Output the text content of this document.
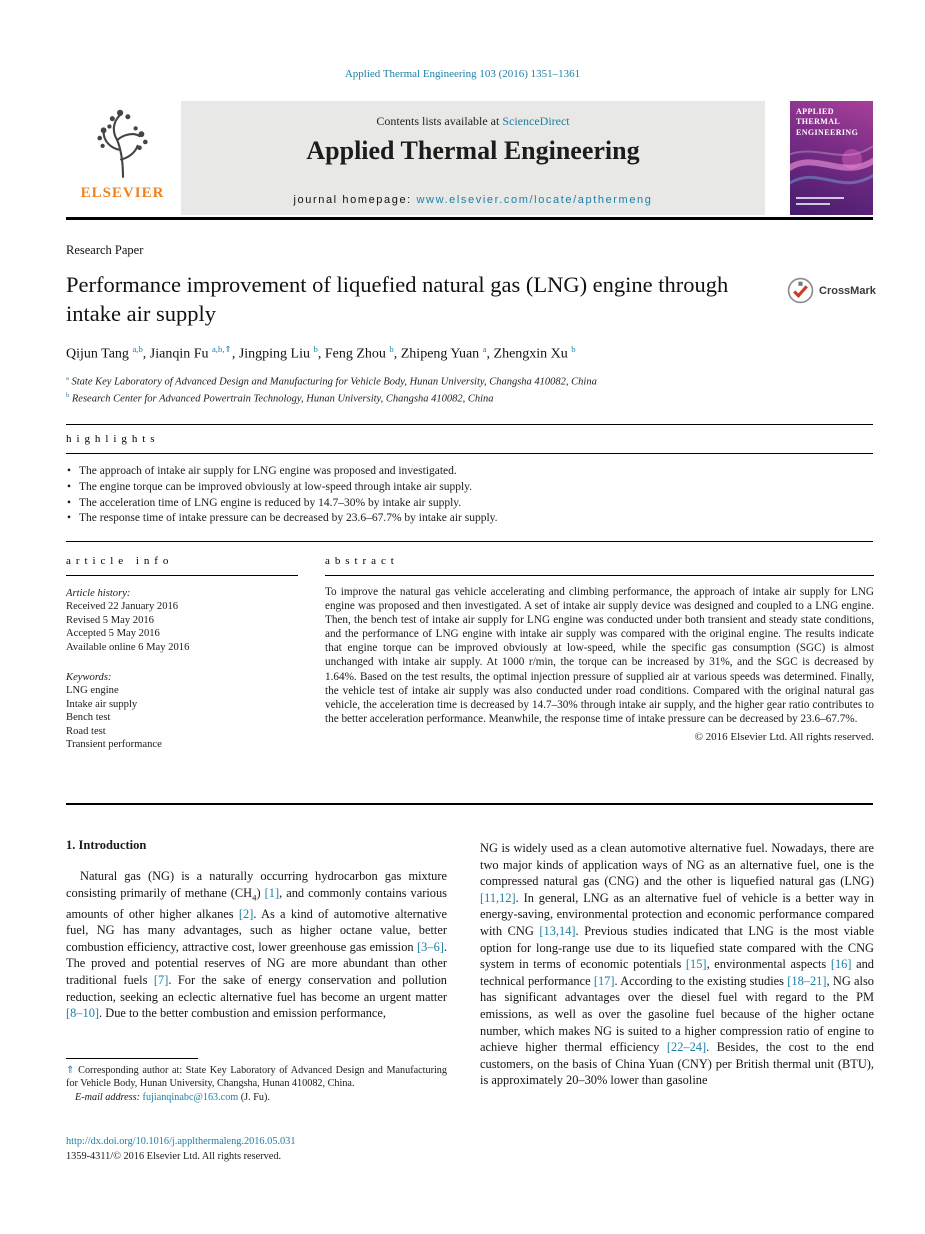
Applied Thermal Engineering 103 (2016) 1351–1361
ELSEVIER
Contents lists available at ScienceDirect
Applied Thermal Engineering
journal homepage: www.elsevier.com/locate/apthermeng
APPLIED THERMAL ENGINEERING
Research Paper
Performance improvement of liquefied natural gas (LNG) engine through intake air supply
CrossMark
Qijun Tang $^{a,b}$, Jianqin Fu $^{a,b,⇑}$, Jingping Liu $^b$, Feng Zhou $^b$, Zhipeng Yuan $^a$, Zhengxin Xu $^b$
$^a$ State Key Laboratory of Advanced Design and Manufacturing for Vehicle Body, Hunan University, Changsha 410082, China
$^b$ Research Center for Advanced Powertrain Technology, Hunan University, Changsha 410082, China
highlights
• The approach of intake air supply for LNG engine was proposed and investigated.
• The engine torque can be improved obviously at low-speed through intake air supply.
• The acceleration time of LNG engine is reduced by 14.7–30% by intake air supply.
• The response time of intake pressure can be decreased by 23.6–67.7% by intake air supply.
article info	abstract
Article history:
Received 22 January 2016
Revised 5 May 2016
Accepted 5 May 2016
Available online 6 May 2016
Keywords:
LNG engine
Intake air supply
Bench test
Road test
Transient performance
To improve the natural gas vehicle accelerating and climbing performance, the approach of intake air supply for LNG engine was proposed and then investigated. A set of intake air supply device was designed and coupled to a LNG engine. Then, the bench test of intake air supply for LNG engine was conducted under both transient and steady state conditions, and the performance of LNG engine with intake air supply was compared with the original engine. The results indicate that engine torque can be improved obviously at low-speed, while the specific gas consumption (SGC) is almost unchanged with intake air supply. At 1000 r/min, the torque can be increased by 31%, and the SGC is decreased by 1.64%. Based on the test results, the optimal injection pressure of supplied air at various speeds was determined. Finally, the vehicle test of intake air supply was also conducted under road conditions. Compared with the original natural gas vehicle, the acceleration time is decreased by 14.7–30% through intake air supply, and the higher gear ratio contributes to the better acceleration performance. Meanwhile, the response time of intake pressure can be decreased by 23.6–67.7%.
© 2016 Elsevier Ltd. All rights reserved.
1. Introduction
Natural gas (NG) is a naturally occurring hydrocarbon gas mixture consisting primarily of methane $(CH_4)$ [1], and commonly contains various amounts of other higher alkanes [2]. As a kind of automotive alternative fuel, NG has many advantages, such as higher octane value, better combustion efficiency, attractive cost, lower greenhouse gas emission [3–6]. The proved and potential reserves of NG are more abundant than other traditional fuels [7]. For the sake of energy conservation and pollution reduction, seeking an eclectic alternative fuel has become an urgent matter [8–10]. Due to the better combustion and emission performance,
NG is widely used as a clean automotive alternative fuel. Nowadays, there are two major kinds of application ways of NG as an alternative fuel, one is the compressed natural gas (CNG) and the other is liquefied natural gas (LNG) [11,12]. In general, LNG as an alternative fuel of vehicle is a better way in energy-saving, environmental protection and economic performance compared with CNG [13,14]. Previous studies indicated that LNG is the most viable option for long-range use due to its liquefied state compared with the CNG system in terms of economic potentials [15], environmental aspects [16] and technical performance [17]. According to the existing studies [18–21], NG also has significant advantages over the diesel fuel with regard to the PM emissions, as well as over the gasoline fuel because of the higher octane number, which makes NG is suited to a higher compression ratio of engine to achieve higher thermal efficiency [22–24]. Besides, the cost to the end customers, on the basis of China Yuan (CNY) per British thermal unit (BTU), is approximately 20–30% lower than gasoline
⇑ Corresponding author at: State Key Laboratory of Advanced Design and Manufacturing for Vehicle Body, Hunan University, Changsha, Hunan 410082, China.
E-mail address: fujianqinabc@163.com (J. Fu).
http://dx.doi.org/10.1016/j.applthermaleng.2016.05.031
1359-4311/© 2016 Elsevier Ltd. All rights reserved.
